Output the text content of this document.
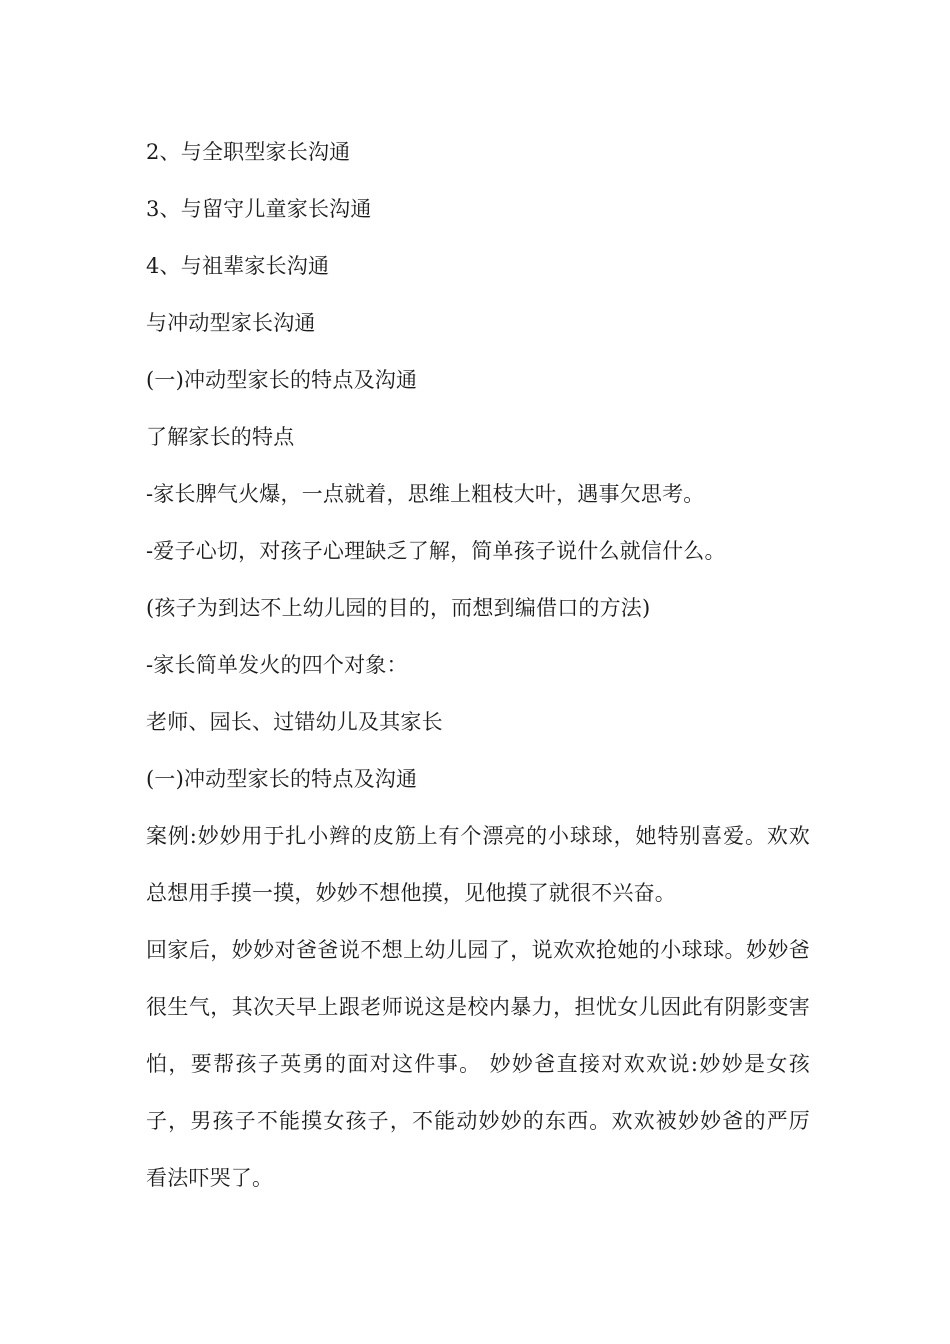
2、与全职型家长沟通
3、与留守儿童家长沟通
4、与祖辈家长沟通
与冲动型家长沟通
(一)冲动型家长的特点及沟通
了解家长的特点
-家长脾气火爆，一点就着，思维上粗枝大叶，遇事欠思考。
-爱子心切，对孩子心理缺乏了解，简单孩子说什么就信什么。
(孩子为到达不上幼儿园的目的，而想到编借口的方法)
-家长简单发火的四个对象：
老师、园长、过错幼儿及其家长
(一)冲动型家长的特点及沟通
案例:妙妙用于扎小辫的皮筋上有个漂亮的小球球，她特别喜爱。欢欢总想用手摸一摸，妙妙不想他摸，见他摸了就很不兴奋。
回家后，妙妙对爸爸说不想上幼儿园了，说欢欢抢她的小球球。妙妙爸很生气，其次天早上跟老师说这是校内暴力，担忧女儿因此有阴影变害怕，要帮孩子英勇的面对这件事。 妙妙爸直接对欢欢说:妙妙是女孩子，男孩子不能摸女孩子，不能动妙妙的东西。欢欢被妙妙爸的严厉 看法吓哭了。
